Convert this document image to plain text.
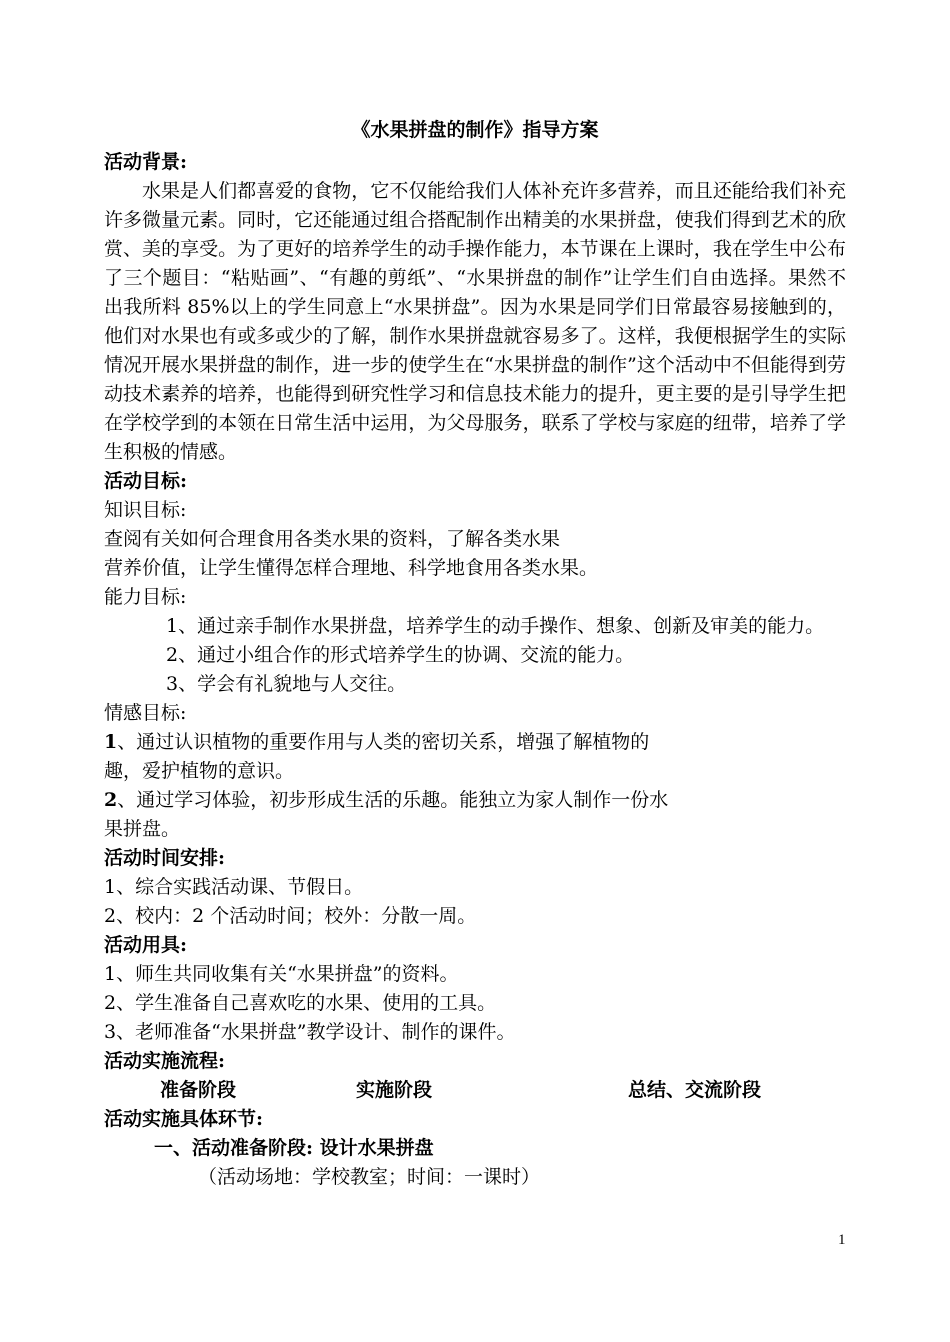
《水果拼盘的制作》指导方案
活动背景:
水果是人们都喜爱的食物，它不仅能给我们人体补充许多营养，而且还能给我们补充许多微量元素。同时，它还能通过组合搭配制作出精美的水果拼盘，使我们得到艺术的欣赏、美的享受。为了更好的培养学生的动手操作能力，本节课在上课时，我在学生中公布了三个题目：“粘贴画”、“有趣的剪纸”、“水果拼盘的制作”让学生们自由选择。果然不出我所料 85%以上的学生同意上“水果拼盘”。因为水果是同学们日常最容易接触到的，他们对水果也有或多或少的了解，制作水果拼盘就容易多了。这样，我便根据学生的实际情况开展水果拼盘的制作，进一步的使学生在“水果拼盘的制作”这个活动中不但能得到劳动技术素养的培养，也能得到研究性学习和信息技术能力的提升，更主要的是引导学生把在学校学到的本领在日常生活中运用，为父母服务，联系了学校与家庭的纽带，培养了学生积极的情感。
活动目标:
知识目标:
查阅有关如何合理食用各类水果的资料，了解各类水果
营养价值，让学生懂得怎样合理地、科学地食用各类水果。
能力目标:
1、通过亲手制作水果拼盘，培养学生的动手操作、想象、创新及审美的能力。
2、通过小组合作的形式培养学生的协调、交流的能力。
3、学会有礼貌地与人交往。
情感目标:
1、通过认识植物的重要作用与人类的密切关系，增强了解植物的
趣，爱护植物的意识。
2、通过学习体验，初步形成生活的乐趣。能独立为家人制作一份水
果拼盘。
活动时间安排:
1、综合实践活动课、节假日。
2、校内：2 个活动时间；校外：分散一周。
活动用具:
1、师生共同收集有关“水果拼盘”的资料。
2、学生准备自己喜欢吃的水果、使用的工具。
3、老师准备“水果拼盘”教学设计、制作的课件。
活动实施流程:
准备阶段	实施阶段	总结、交流阶段
活动实施具体环节:
一、活动准备阶段: 设计水果拼盘
（活动场地：学校教室；时间：一课时）
1
